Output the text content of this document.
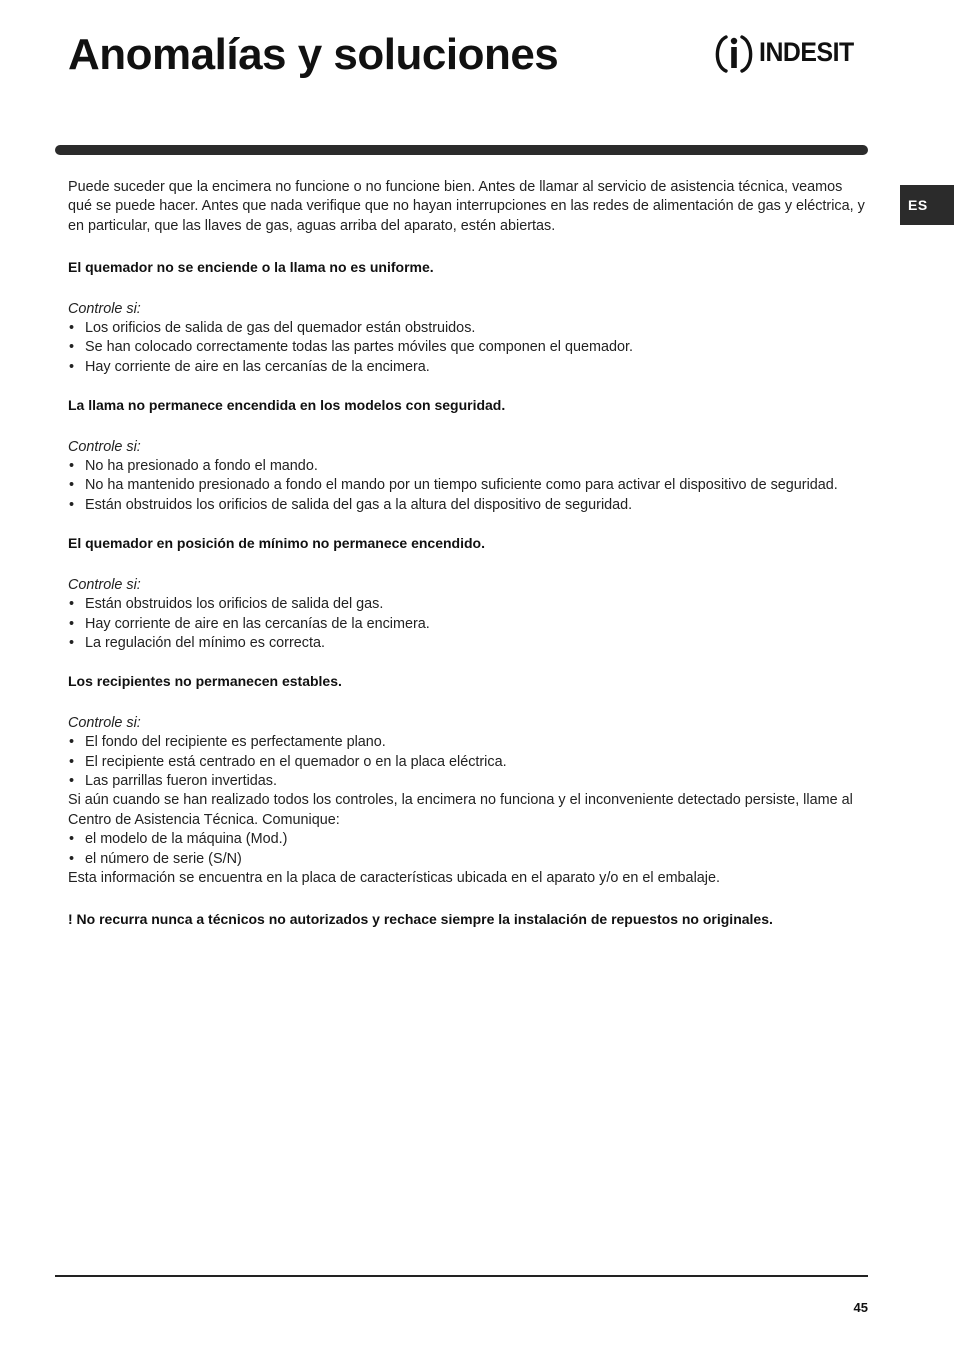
Anomalías y soluciones	INDESIT
ES

Puede suceder que la encimera no funcione o no funcione bien. Antes de llamar al servicio de asistencia técnica, veamos qué se puede hacer. Antes que nada verifique que no hayan interrupciones en las redes de alimentación de gas y eléctrica, y en particular, que las llaves de gas, aguas arriba del aparato, estén abiertas.

El quemador no se enciende o la llama no es uniforme.

Controle si:

• Los orificios de salida de gas del quemador están obstruidos.
• Se han colocado correctamente todas las partes móviles que componen el quemador.
• Hay corriente de aire en las cercanías de la encimera.

La llama no permanece encendida en los modelos con seguridad.

Controle si:

• No ha presionado a fondo el mando.
• No ha mantenido presionado a fondo el mando por un tiempo suficiente como para activar el dispositivo de seguridad.
• Están obstruidos los orificios de salida del gas a la altura del dispositivo de seguridad.

El quemador en posición de mínimo no permanece encendido.

Controle si:

• Están obstruidos los orificios de salida del gas.
• Hay corriente de aire en las cercanías de la encimera.
• La regulación del mínimo es correcta.

Los recipientes no permanecen estables.

Controle si:

• El fondo del recipiente es perfectamente plano.
• El recipiente está centrado en el quemador o en la placa eléctrica.
• Las parrillas fueron invertidas.

Si aún cuando se han realizado todos los controles, la encimera no funciona y el inconveniente detectado persiste, llame al Centro de Asistencia Técnica. Comunique:

• el modelo de la máquina (Mod.)
• el número de serie (S/N)

Esta información se encuentra en la placa de características ubicada en el aparato y/o en el embalaje.

! No recurra nunca a técnicos no autorizados y rechace siempre la instalación de repuestos no originales.

45
